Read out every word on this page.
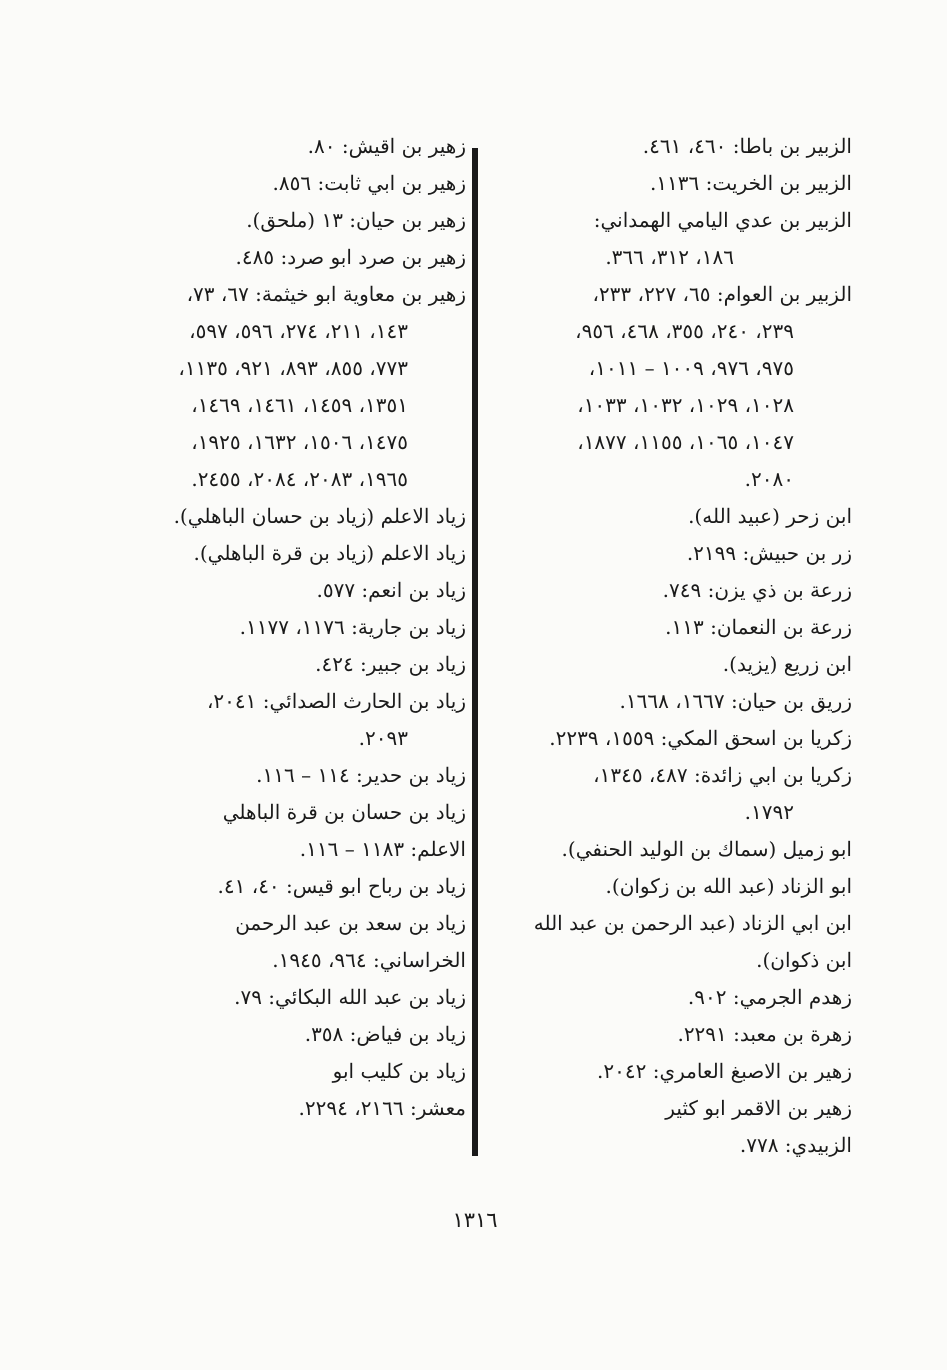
الزبير بن باطا: ٤٦٠، ٤٦١.
الزبير بن الخريت: ١١٣٦.
الزبير بن عدي اليامي الهمداني:
١٨٦، ٣١٢، ٣٦٦.
الزبير بن العوام: ٦٥، ٢٢٧، ٢٣٣،
٢٣٩، ٢٤٠، ٣٥٥، ٤٦٨، ٩٥٦،
٩٧٥، ٩٧٦، ١٠٠٩ – ١٠١١،
١٠٢٨، ١٠٢٩، ١٠٣٢، ١٠٣٣،
١٠٤٧، ١٠٦٥، ١١٥٥، ١٨٧٧،
٢٠٨٠.
ابن زحر (عبيد الله).
زر بن حبيش: ٢١٩٩.
زرعة بن ذي يزن: ٧٤٩.
زرعة بن النعمان: ١١٣.
ابن زريع (يزيد).
زريق بن حيان: ١٦٦٧، ١٦٦٨.
زكريا بن اسحق المكي: ١٥٥٩، ٢٢٣٩.
زكريا بن ابي زائدة: ٤٨٧، ١٣٤٥،
١٧٩٢.
ابو زميل (سماك بن الوليد الحنفي).
ابو الزناد (عبد الله بن زكوان).
ابن ابي الزناد (عبد الرحمن بن عبد الله
ابن ذكوان).
زهدم الجرمي: ٩٠٢.
زهرة بن معبد: ٢٢٩١.
زهير بن الاصبغ العامري: ٢٠٤٢.
زهير بن الاقمر ابو كثير
الزبيدي: ٧٧٨.
زهير بن اقيش: ٨٠.
زهير بن ابي ثابت: ٨٥٦.
زهير بن حيان: ١٣ (ملحق).
زهير بن صرد ابو صرد: ٤٨٥.
زهير بن معاوية ابو خيثمة: ٦٧، ٧٣،
١٤٣، ٢١١، ٢٧٤، ٥٩٦، ٥٩٧،
٧٧٣، ٨٥٥، ٨٩٣، ٩٢١، ١١٣٥،
١٣٥١، ١٤٥٩، ١٤٦١، ١٤٦٩،
١٤٧٥، ١٥٠٦، ١٦٣٢، ١٩٢٥،
١٩٦٥، ٢٠٨٣، ٢٠٨٤، ٢٤٥٥.
زياد الاعلم (زياد بن حسان الباهلي).
زياد الاعلم (زياد بن قرة الباهلي).
زياد بن انعم: ٥٧٧.
زياد بن جارية: ١١٧٦، ١١٧٧.
زياد بن جبير: ٤٢٤.
زياد بن الحارث الصدائي: ٢٠٤١،
٢٠٩٣.
زياد بن حدير: ١١٤ – ١١٦.
زياد بن حسان بن قرة الباهلي
الاعلم: ١١٨٣ – ١١٦.
زياد بن رباح ابو قيس: ٤٠، ٤١.
زياد بن سعد بن عبد الرحمن
الخراساني: ٩٦٤، ١٩٤٥.
زياد بن عبد الله البكائي: ٧٩.
زياد بن فياض: ٣٥٨.
زياد بن كليب ابو
معشر: ٢١٦٦، ٢٢٩٤.
١٣١٦
